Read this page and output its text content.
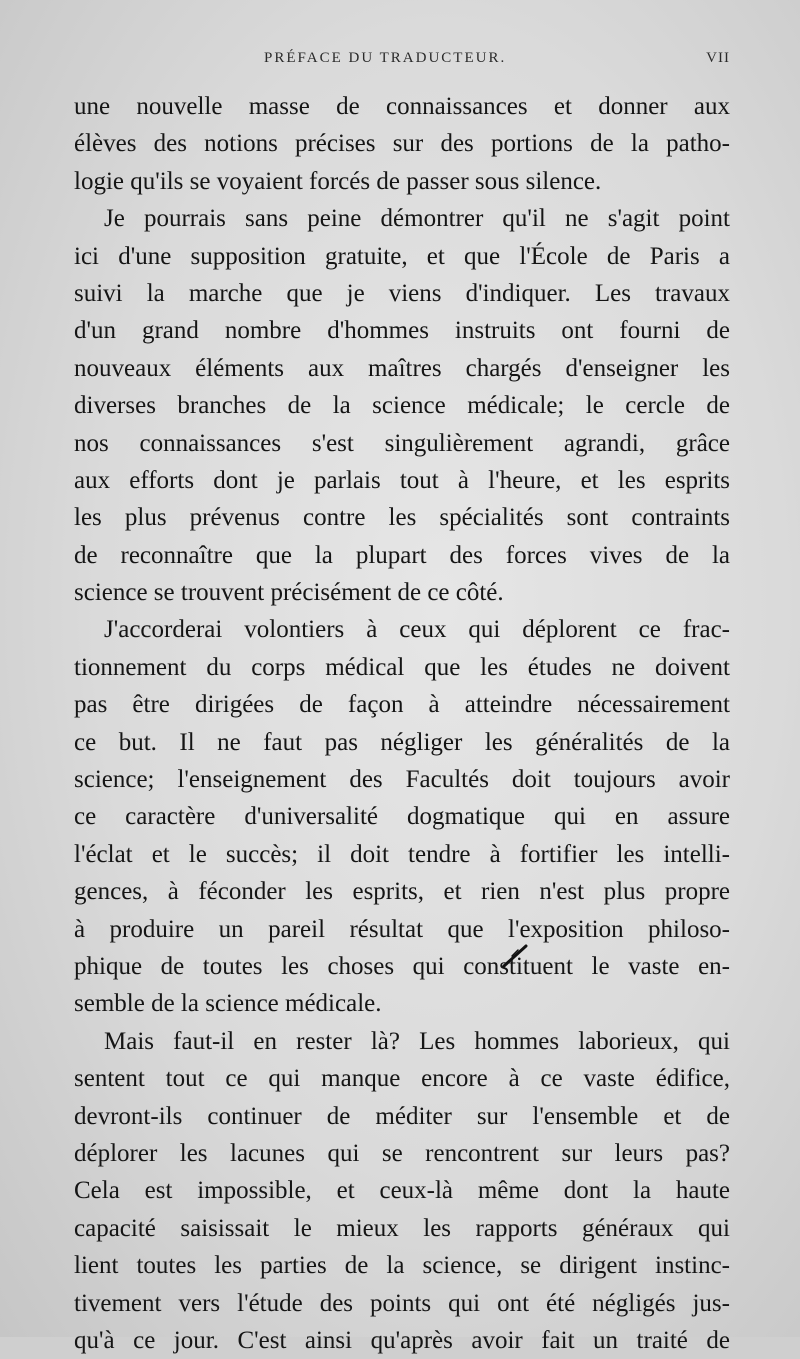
PRÉFACE DU TRADUCTEUR.	VII
une nouvelle masse de connaissances et donner aux
élèves des notions précises sur des portions de la patho-
logie qu'ils se voyaient forcés de passer sous silence.
Je pourrais sans peine démontrer qu'il ne s'agit point
ici d'une supposition gratuite, et que l'École de Paris a
suivi la marche que je viens d'indiquer. Les travaux
d'un grand nombre d'hommes instruits ont fourni de
nouveaux éléments aux maîtres chargés d'enseigner les
diverses branches de la science médicale; le cercle de
nos connaissances s'est singulièrement agrandi, grâce
aux efforts dont je parlais tout à l'heure, et les esprits
les plus prévenus contre les spécialités sont contraints
de reconnaître que la plupart des forces vives de la
science se trouvent précisément de ce côté.
J'accorderai volontiers à ceux qui déplorent ce frac-
tionnement du corps médical que les études ne doivent
pas être dirigées de façon à atteindre nécessairement
ce but. Il ne faut pas négliger les généralités de la
science; l'enseignement des Facultés doit toujours avoir
ce caractère d'universalité dogmatique qui en assure
l'éclat et le succès; il doit tendre à fortifier les intelli-
gences, à féconder les esprits, et rien n'est plus propre
à produire un pareil résultat que l'exposition philoso-
phique de toutes les choses qui constituent le vaste en-
semble de la science médicale.
Mais faut-il en rester là? Les hommes laborieux, qui
sentent tout ce qui manque encore à ce vaste édifice,
devront-ils continuer de méditer sur l'ensemble et de
déplorer les lacunes qui se rencontrent sur leurs pas?
Cela est impossible, et ceux-là même dont la haute
capacité saisissait le mieux les rapports généraux qui
lient toutes les parties de la science, se dirigent instinc-
tivement vers l'étude des points qui ont été négligés jus-
qu'à ce jour. C'est ainsi qu'après avoir fait un traité de
